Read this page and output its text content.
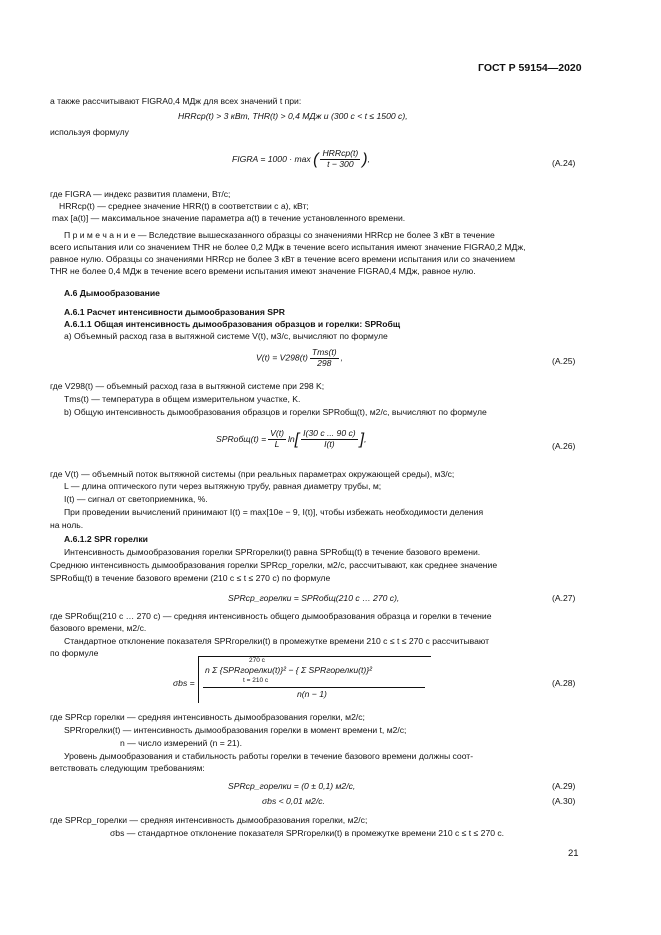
ГОСТ Р 59154—2020
а также рассчитывают FIGRA0,4 МДж для всех значений t при:
HRRср(t) > 3 кВт, THR(t) > 0,4 МДж и (300 с < t ≤ 1500 с),
используя формулу
FIGRA = 1000 · max ( $\frac{\text{HRRср(t)}}{t - 300}$ ),	(А.24)
где FIGRA — индекс развития пламени, Вт/с;
HRRср(t) — среднее значение HRR(t) в соответствии с а), кВт;
max [a(t)] — максимальное значение параметра a(t) в течение установленного времени.
П р и м е ч а н и е — Вследствие вышесказанного образцы со значениями HRRср не более 3 кВт в течение
всего испытания или со значением THR не более 0,2 МДж в течение всего испытания имеют значение FIGRA0,2 МДж,
равное нулю. Образцы со значениями HRRср не более 3 кВт в течение всего времени испытания или со значением
THR не более 0,4 МДж в течение всего времени испытания имеют значение FIGRA0,4 МДж, равное нулю.
А.6 Дымообразование
А.6.1 Расчет интенсивности дымообразования SPR
А.6.1.1 Общая интенсивность дымообразования образцов и горелки: SPRобщ
а) Объемный расход газа в вытяжной системе V(t), м3/с, вычисляют по формуле
$V(t) = V298(t) \frac{\text{Tms(t)}}{298}$ ,	(А.25)
где V298(t) — объемный расход газа в вытяжной системе при 298 K;
Tms(t) — температура в общем измерительном участке, K.
b) Общую интенсивность дымообразования образцов и горелки SPRобщ(t), м2/с, вычисляют по формуле
SPRобщ(t) = $\frac{V(t)}{L} \ln[ \frac{I(30 с ... 90 с)}{I(t)}$ ],
(А.26)
где V(t) — объемный поток вытяжной системы (при реальных параметрах окружающей среды), м3/с;
L — длина оптического пути через вытяжную трубу, равная диаметру трубы, м;
I(t) — сигнал от светоприемника, %.
При проведении вычислений принимают I(t) = max[10e − 9, I(t)], чтобы избежать необходимости деления
на ноль.
А.6.1.2 SPR горелки
Интенсивность дымообразования горелки SPRгорелки(t) равна SPRобщ(t) в течение базового времени.
Среднюю интенсивность дымообразования горелки SPRср_горелки, м2/с, рассчитывают, как среднее значение
SPRобщ(t) в течение базового времени (210 с ≤ t ≤ 270 с) по формуле
SPRср_горелки = SPRобщ(210 с … 270 с),	(А.27)
где SPRобщ(210 с … 270 с) — средняя интенсивность общего дымообразования образца и горелки в течение
базового времени, м2/с.
Стандартное отклонение показателя SPRгорелки(t) в промежутке времени 210 с ≤ t ≤ 270 с рассчитывают
по формуле
σbs =
270 с
n Σ {SPRгорелки(t)}² − { Σ SPRгорелки(t)}²
t = 210 с
n(n − 1)
(А.28)
где SPRср горелки — средняя интенсивность дымообразования горелки, м2/с;
SPRгорелки(t) — интенсивность дымообразования горелки в момент времени t, м2/с;
n — число измерений (n = 21).
Уровень дымообразования и стабильность работы горелки в течение базового времени должны соот-
ветствовать следующим требованиям:
SPRср_горелки = (0 ± 0,1) м2/с,	(А.29)
σbs < 0,01 м2/с.	(А.30)
где SPRср_горелки — средняя интенсивность дымообразования горелки, м2/с;
σbs — стандартное отклонение показателя SPRгорелки(t) в промежутке времени 210 с ≤ t ≤ 270 с.
21
